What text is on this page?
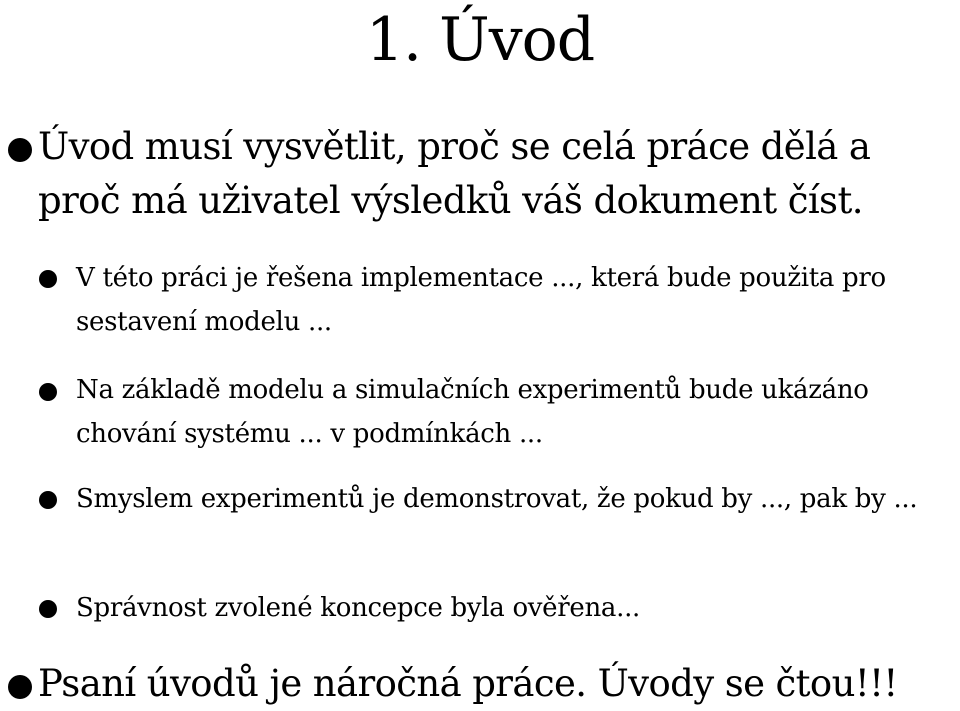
1. Úvod
Úvod musí vysvětlit, proč se celá práce dělá a proč má uživatel výsledků váš dokument číst.
V této práci je řešena implementace ..., která bude použita pro sestavení modelu ...
Na základě modelu a simulačních experimentů bude ukázáno chování systému ... v podmínkách ...
Smyslem experimentů je demonstrovat, že pokud by ..., pak by ...
Správnost zvolené koncepce byla ověřena...
Psaní úvodů je náročná práce. Úvody se čtou!!!
